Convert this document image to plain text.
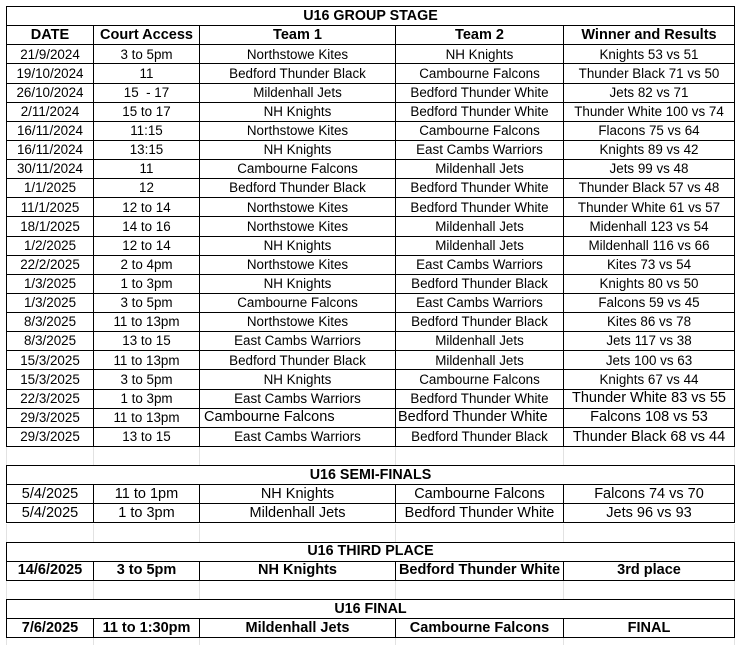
U16 GROUP STAGE
DATE	Court Access	Team 1	Team 2	Winner and Results
21/9/2024	3 to 5pm	Northstowe Kites	NH Knights	Knights 53 vs 51
19/10/2024	11	Bedford Thunder Black	Cambourne Falcons	Thunder Black 71 vs 50
26/10/2024	15  - 17	Mildenhall Jets	Bedford Thunder White	Jets 82 vs 71
2/11/2024	15 to 17	NH Knights	Bedford Thunder White	Thunder White 100 vs 74
16/11/2024	11:15	Northstowe Kites	Cambourne Falcons	Flacons 75 vs 64
16/11/2024	13:15	NH Knights	East Cambs Warriors	Knights 89 vs 42
30/11/2024	11	Cambourne Falcons	Mildenhall Jets	Jets 99 vs 48
1/1/2025	12	Bedford Thunder Black	Bedford Thunder White	Thunder Black 57 vs 48
11/1/2025	12 to 14	Northstowe Kites	Bedford Thunder White	Thunder White 61 vs 57
18/1/2025	14 to 16	Northstowe Kites	Mildenhall Jets	Midenhall 123 vs 54
1/2/2025	12 to 14	NH Knights	Mildenhall Jets	Mildenhall 116 vs 66
22/2/2025	2 to 4pm	Northstowe Kites	East Cambs Warriors	Kites 73 vs 54
1/3/2025	1 to 3pm	NH Knights	Bedford Thunder Black	Knights 80 vs 50
1/3/2025	3 to 5pm	Cambourne Falcons	East Cambs Warriors	Falcons 59 vs 45
8/3/2025	11 to 13pm	Northstowe Kites	Bedford Thunder Black	Kites 86 vs 78
8/3/2025	13 to 15	East Cambs Warriors	Mildenhall Jets	Jets 117 vs 38
15/3/2025	11 to 13pm	Bedford Thunder Black	Mildenhall Jets	Jets 100 vs 63
15/3/2025	3 to 5pm	NH Knights	Cambourne Falcons	Knights 67 vs 44
22/3/2025	1 to 3pm	East Cambs Warriors	Bedford Thunder White	Thunder White 83 vs 55
29/3/2025	11 to 13pm	Cambourne Falcons	Bedford Thunder White	Falcons 108 vs 53
29/3/2025	13 to 15	East Cambs Warriors	Bedford Thunder Black	Thunder Black 68 vs 44
U16 SEMI-FINALS
5/4/2025	11 to 1pm	NH Knights	Cambourne Falcons	Falcons 74 vs 70
5/4/2025	1 to 3pm	Mildenhall Jets	Bedford Thunder White	Jets 96 vs 93
U16 THIRD PLACE
14/6/2025	3 to 5pm	NH Knights	Bedford Thunder White	3rd place
U16 FINAL
7/6/2025	11 to 1:30pm	Mildenhall Jets	Cambourne Falcons	FINAL
